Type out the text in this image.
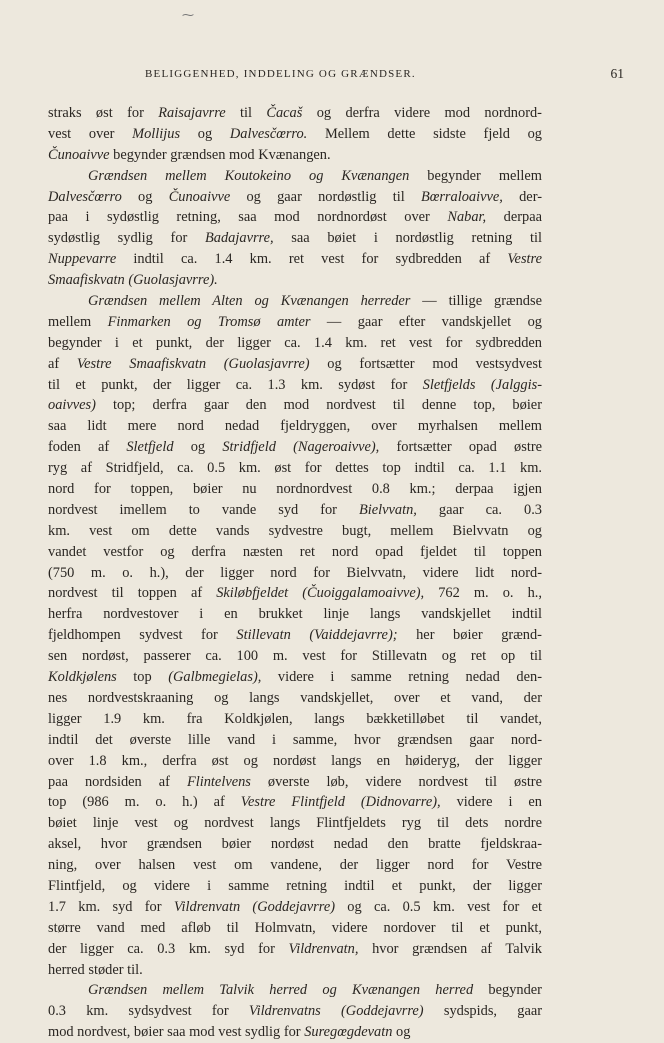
⁓
BELIGGENHED, INDDELING OG GRÆNDSER.	61
straks øst for Raisajavrre til Čacaš og derfra videre mod nordnord-
vest over Mollijus og Dalvesčœrro. Mellem dette sidste fjeld og
Čunoaivve begynder grændsen mod Kvænangen.
Grændsen mellem Koutokeino og Kvænangen begynder mellem
Dalvesčœrro og Čunoaivve og gaar nordøstlig til Bœrraloaivve, der-
paa i sydøstlig retning, saa mod nordnordøst over Nabar, derpaa
sydøstlig sydlig for Badajavrre, saa bøiet i nordøstlig retning til
Nuppevarre indtil ca. 1.4 km. ret vest for sydbredden af Vestre
Smaafiskvatn (Guolasjavrre).
Grændsen mellem Alten og Kvænangen herreder — tillige grændse
mellem Finmarken og Tromsø amter — gaar efter vandskjellet og
begynder i et punkt, der ligger ca. 1.4 km. ret vest for sydbredden
af Vestre Smaafiskvatn (Guolasjavrre) og fortsætter mod vestsydvest
til et punkt, der ligger ca. 1.3 km. sydøst for Sletfjelds (Jalggis-
oaivves) top; derfra gaar den mod nordvest til denne top, bøier
saa lidt mere nord nedad fjeldryggen, over myrhalsen mellem
foden af Sletfjeld og Stridfjeld (Nageroaivve), fortsætter opad østre
ryg af Stridfjeld, ca. 0.5 km. øst for dettes top indtil ca. 1.1 km.
nord for toppen, bøier nu nordnordvest 0.8 km.; derpaa igjen
nordvest imellem to vande syd for Bielvvatn, gaar ca. 0.3
km. vest om dette vands sydvestre bugt, mellem Bielvvatn og
vandet vestfor og derfra næsten ret nord opad fjeldet til toppen
(750 m. o. h.), der ligger nord for Bielvvatn, videre lidt nord-
nordvest til toppen af Skiløbfjeldet (Čuoiggalamoaivve), 762 m. o. h.,
herfra nordvestover i en brukket linje langs vandskjellet indtil
fjeldhompen sydvest for Stillevatn (Vaiddejavrre); her bøier grænd-
sen nordøst, passerer ca. 100 m. vest for Stillevatn og ret op til
Koldkjølens top (Galbmegielas), videre i samme retning nedad den-
nes nordvestskraaning og langs vandskjellet, over et vand, der
ligger 1.9 km. fra Koldkjølen, langs bækketilløbet til vandet,
indtil det øverste lille vand i samme, hvor grændsen gaar nord-
over 1.8 km., derfra øst og nordøst langs en høideryg, der ligger
paa nordsiden af Flintelvens øverste løb, videre nordvest til østre
top (986 m. o. h.) af Vestre Flintfjeld (Didnovarre), videre i en
bøiet linje vest og nordvest langs Flintfjeldets ryg til dets nordre
aksel, hvor grændsen bøier nordøst nedad den bratte fjeldskraa-
ning, over halsen vest om vandene, der ligger nord for Vestre
Flintfjeld, og videre i samme retning indtil et punkt, der ligger
1.7 km. syd for Vildrenvatn (Goddejavrre) og ca. 0.5 km. vest for et
større vand med afløb til Holmvatn, videre nordover til et punkt,
der ligger ca. 0.3 km. syd for Vildrenvatn, hvor grændsen af Talvik
herred støder til.
Grændsen mellem Talvik herred og Kvænangen herred begynder
0.3 km. sydsydvest for Vildrenvatns (Goddejavrre) sydspids, gaar
mod nordvest, bøier saa mod vest sydlig for Suregœgdevatn og
